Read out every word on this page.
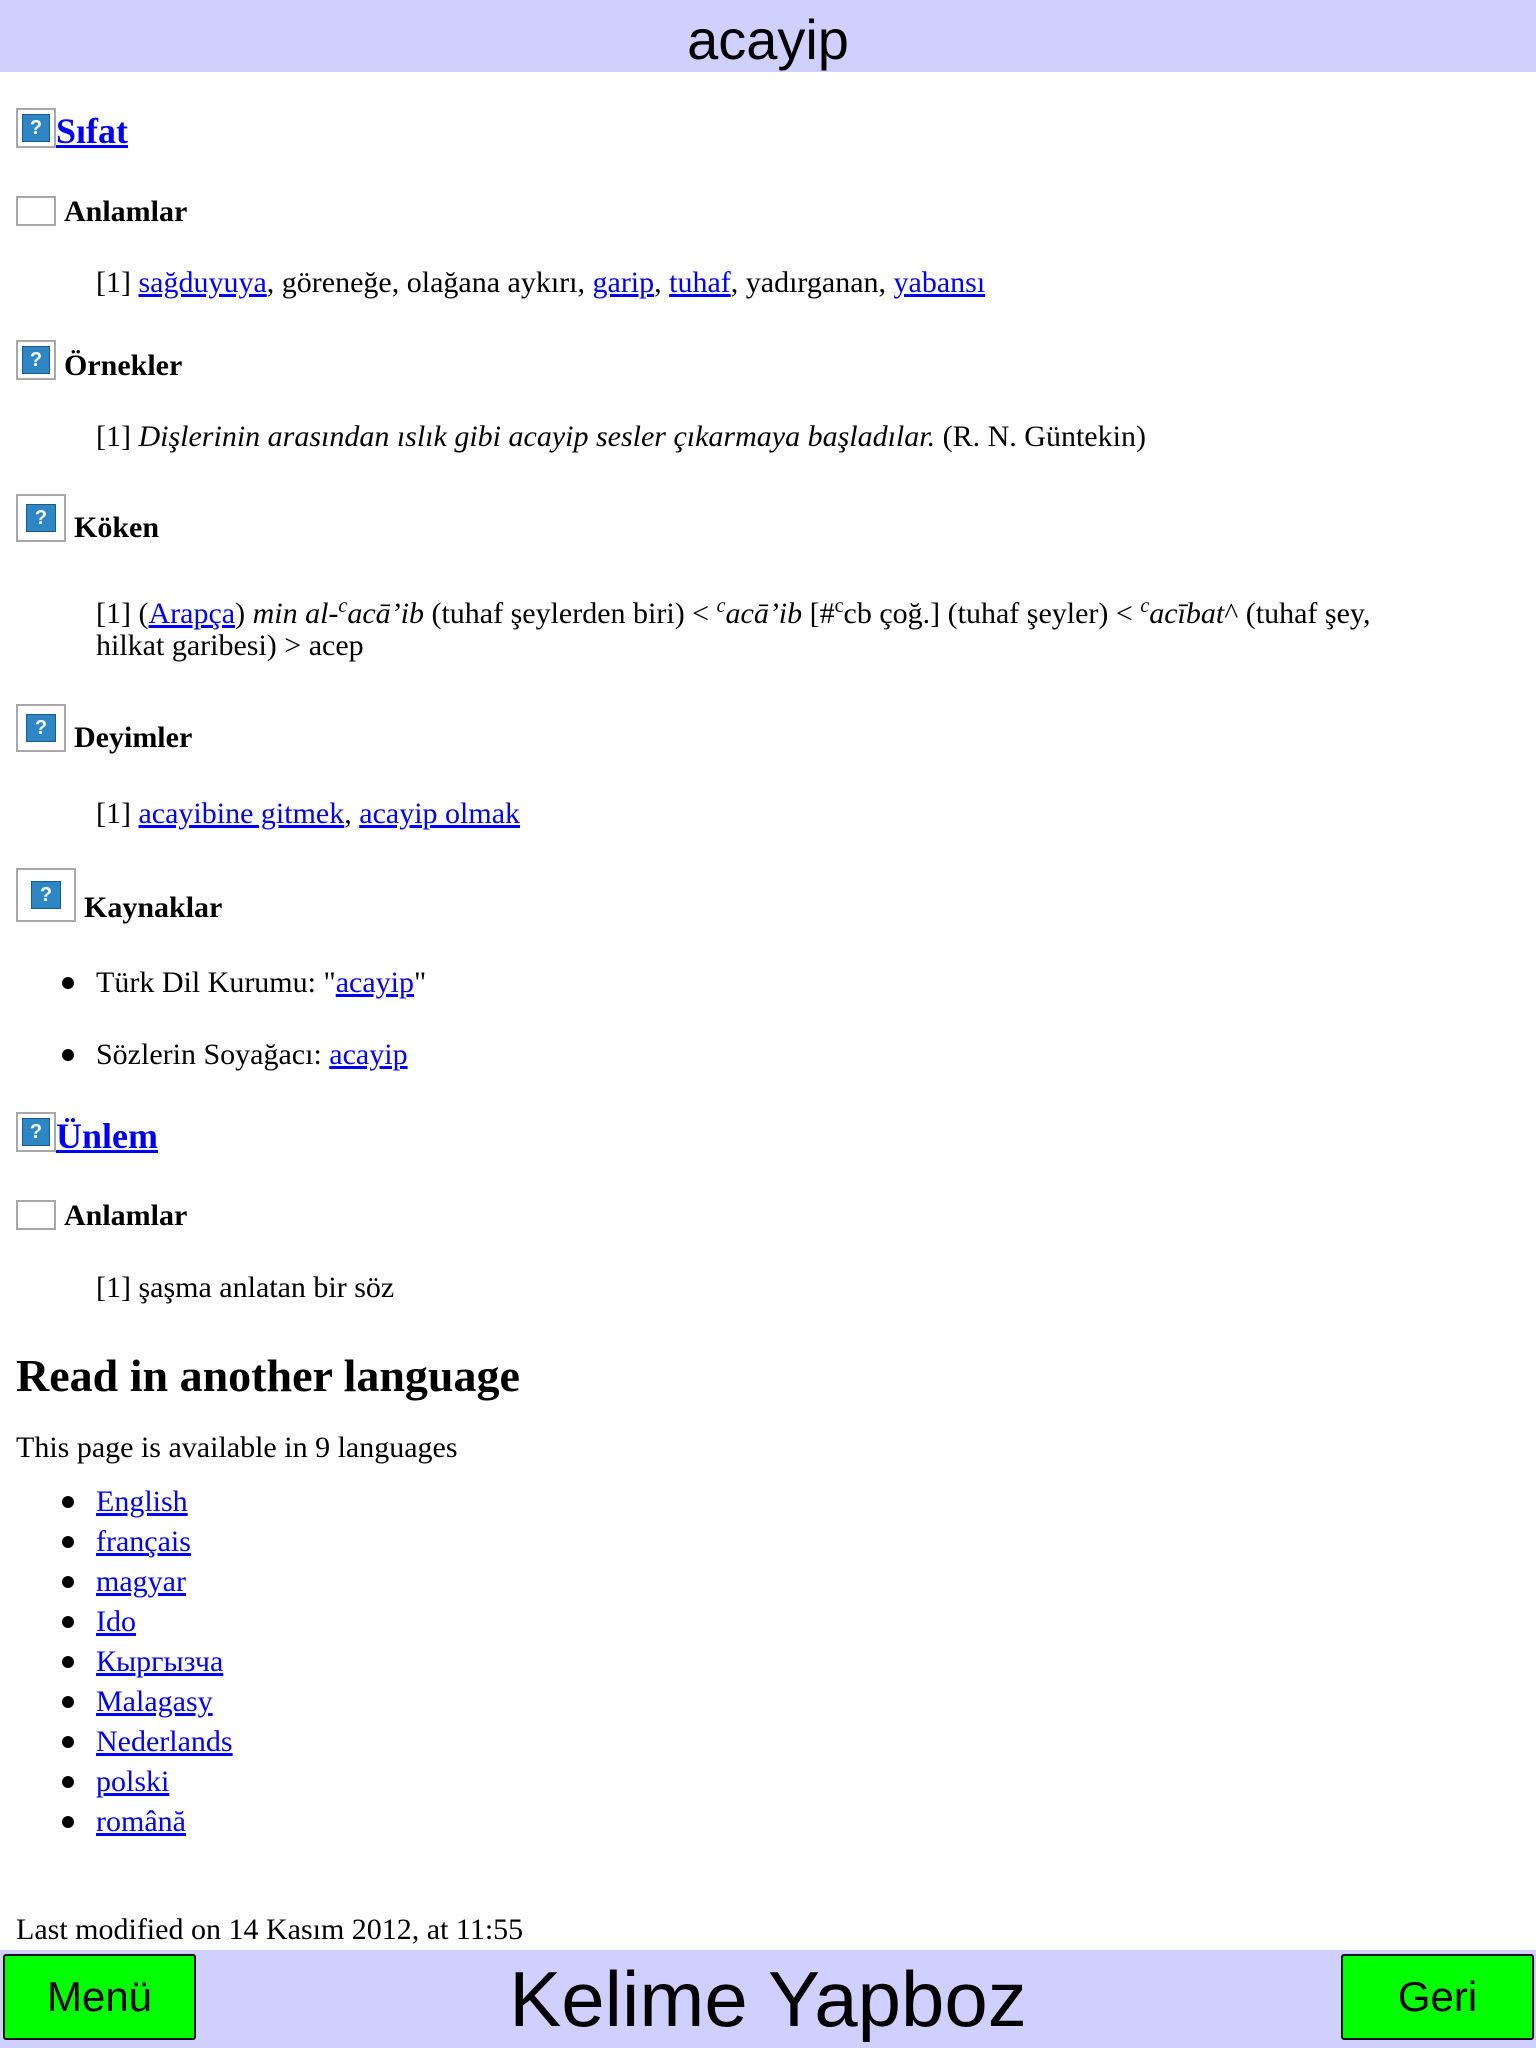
acayip
? Sıfat
Anlamlar
[1] sağduyuya, göreneğe, olağana aykırı, garip, tuhaf, yadırganan, yabansı
? Örnekler
[1] Dişlerinin arasından ıslık gibi acayip sesler çıkarmaya başladılar. (R. N. Güntekin)
? Köken
[1] (Arapça) min al-$^c$acā’ib (tuhaf şeylerden biri) < $^c$acā’ib [#$^c$cb çoğ.] (tuhaf şeyler) < $^c$acībat^ (tuhaf şey,
hilkat garibesi) > acep
? Deyimler
[1] acayibine gitmek, acayip olmak
? Kaynaklar
Türk Dil Kurumu: "acayip"
Sözlerin Soyağacı: acayip
? Ünlem
Anlamlar
[1] şaşma anlatan bir söz
Read in another language
This page is available in 9 languages
English
français
magyar
Ido
Кыргызча
Malagasy
Nederlands
polski
română
Last modified on 14 Kasım 2012, at 11:55
Menü	Kelime Yapboz	Geri
